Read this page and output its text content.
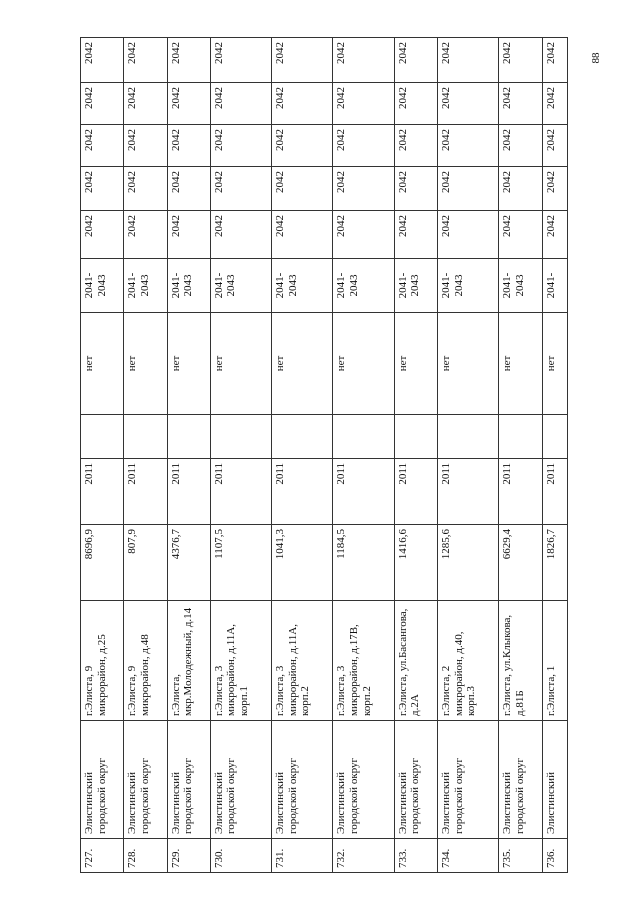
727.	Элистинский городской округ	г.Элиста, 9 микрорайон, д.25	8696,9	2011		нет	2041-2043	2042	2042	2042	2042	2042
728.	Элистинский городской округ	г.Элиста, 9 микрорайон, д.48	807,9	2011		нет	2041-2043	2042	2042	2042	2042	2042
729.	Элистинский городской округ	г.Элиста, мкр.Молодежный, д.14	4376,7	2011		нет	2041-2043	2042	2042	2042	2042	2042
730.	Элистинский городской округ	г.Элиста, 3 микрорайон, д.11А, корп.1	1107,5	2011		нет	2041-2043	2042	2042	2042	2042	2042
731.	Элистинский городской округ	г.Элиста, 3 микрорайон, д.11А, корп.2	1041,3	2011		нет	2041-2043	2042	2042	2042	2042	2042
732.	Элистинский городской округ	г.Элиста, 3 микрорайон, д.17В, корп.2	1184,5	2011		нет	2041-2043	2042	2042	2042	2042	2042
733.	Элистинский городской округ	г.Элиста, ул.Басангова, д.2А	1416,6	2011		нет	2041-2043	2042	2042	2042	2042	2042
734.	Элистинский городской округ	г.Элиста, 2 микрорайон, д.40, корп.3	1285,6	2011		нет	2041-2043	2042	2042	2042	2042	2042
735.	Элистинский городской округ	г.Элиста, ул.Клыкова, д.81Б	6629,4	2011		нет	2041-2043	2042	2042	2042	2042	2042
736.	Элистинский	г.Элиста, 1	1826,7	2011		нет	2041-	2042	2042	2042	2042	2042	88
